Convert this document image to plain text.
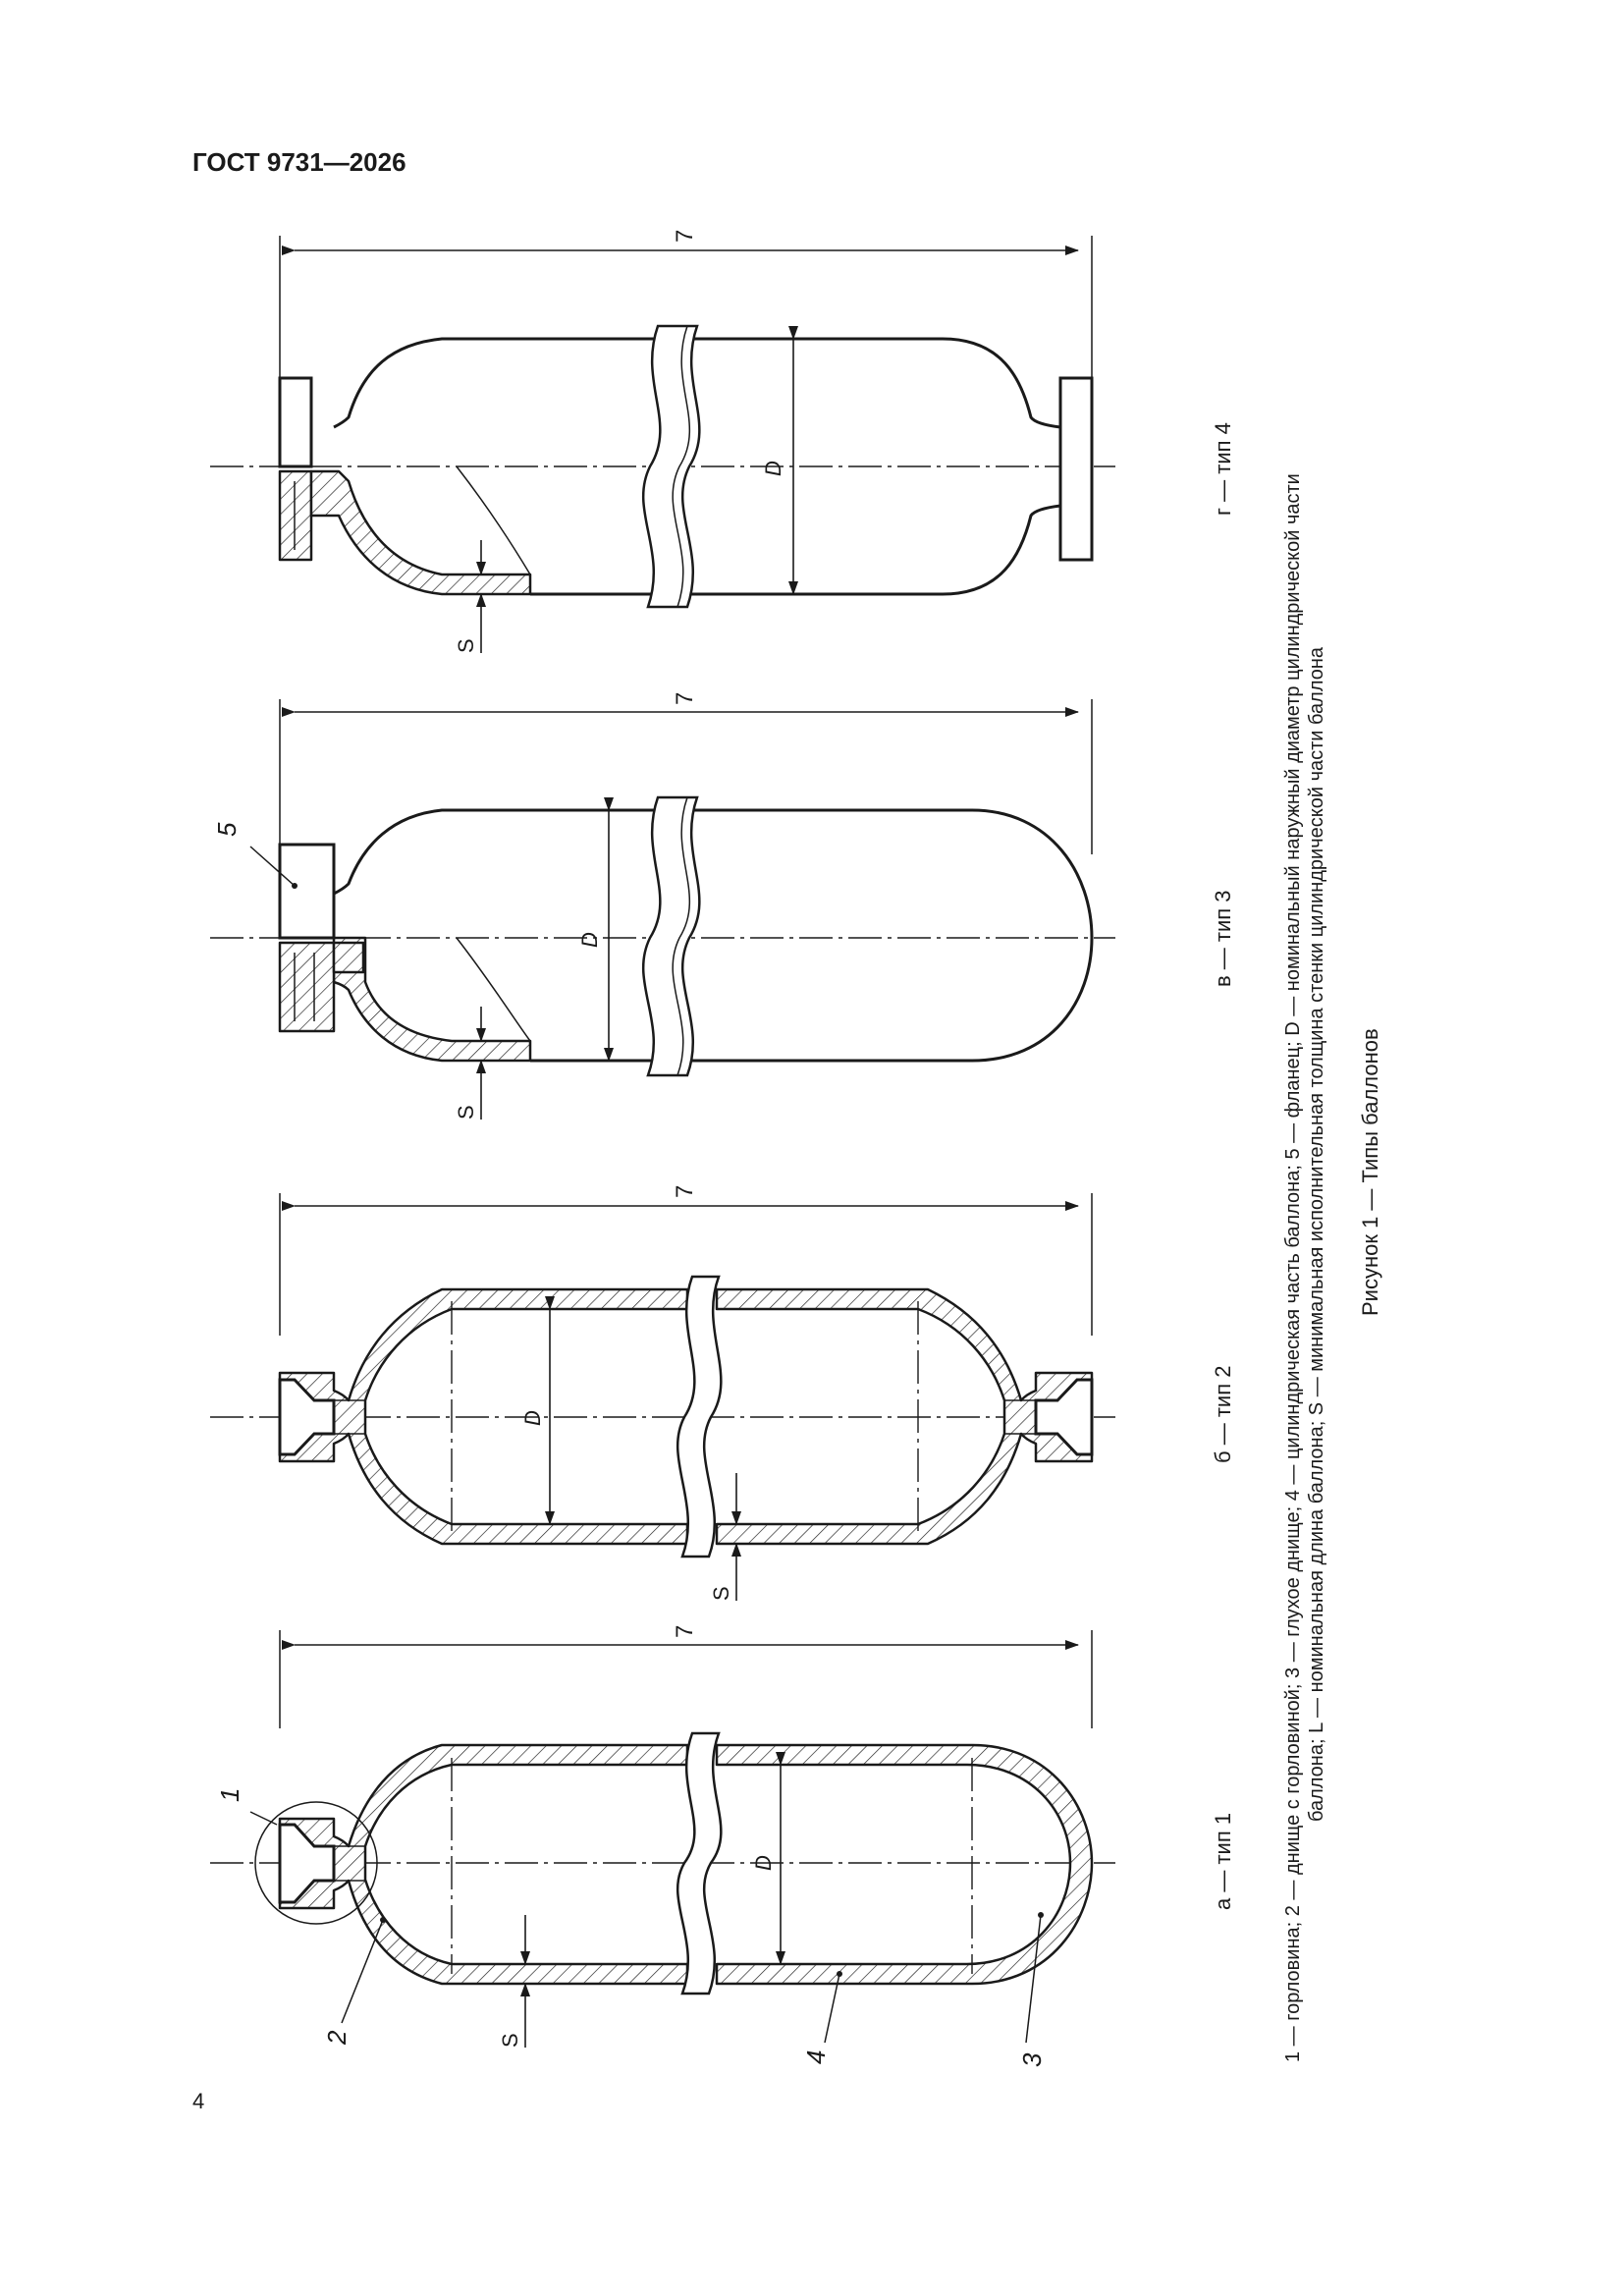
ГОСТ 9731—2026
7
D
S
1
2
4	3
а — тип 1
7
D
S
б — тип 2
7
D
S
5
в — тип 3
7
D
S
г — тип 4
1 — горловина; 2 — днище с горловиной; 3 — глухое днище; 4 — цилиндрическая часть баллона; 5 — фланец; D — номинальный наружный диаметр цилиндрической части баллона; L — номинальная длина баллона; S — минимальная исполнительная толщина стенки цилиндрической части баллона Рисунок 1 — Типы баллонов
4
